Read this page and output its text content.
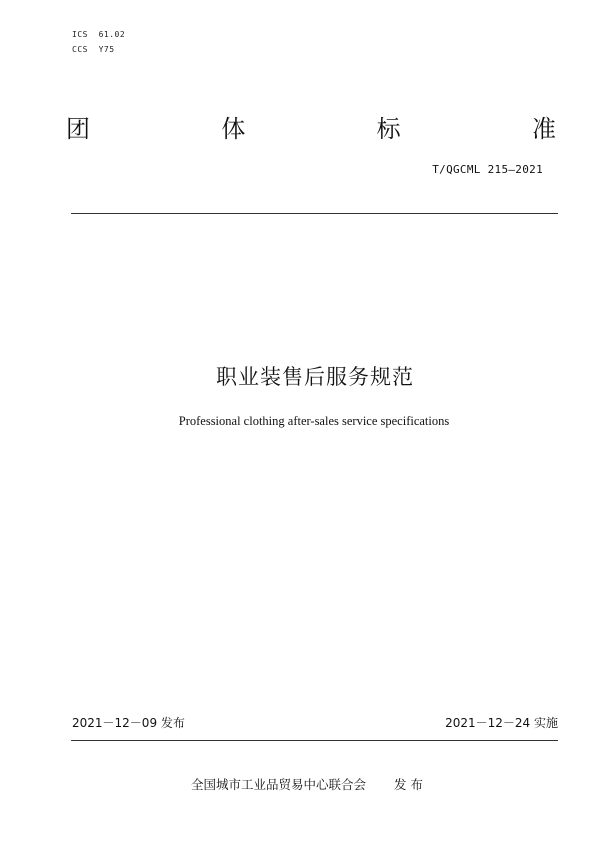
ICS  61.02
CCS  Y75
团	体	标	准
T/QGCML 215—2021
职业装售后服务规范
Professional clothing after-sales service specifications
2021－12－09 发布	2021－12－24 实施
全国城市工业品贸易中心联合会 发 布
